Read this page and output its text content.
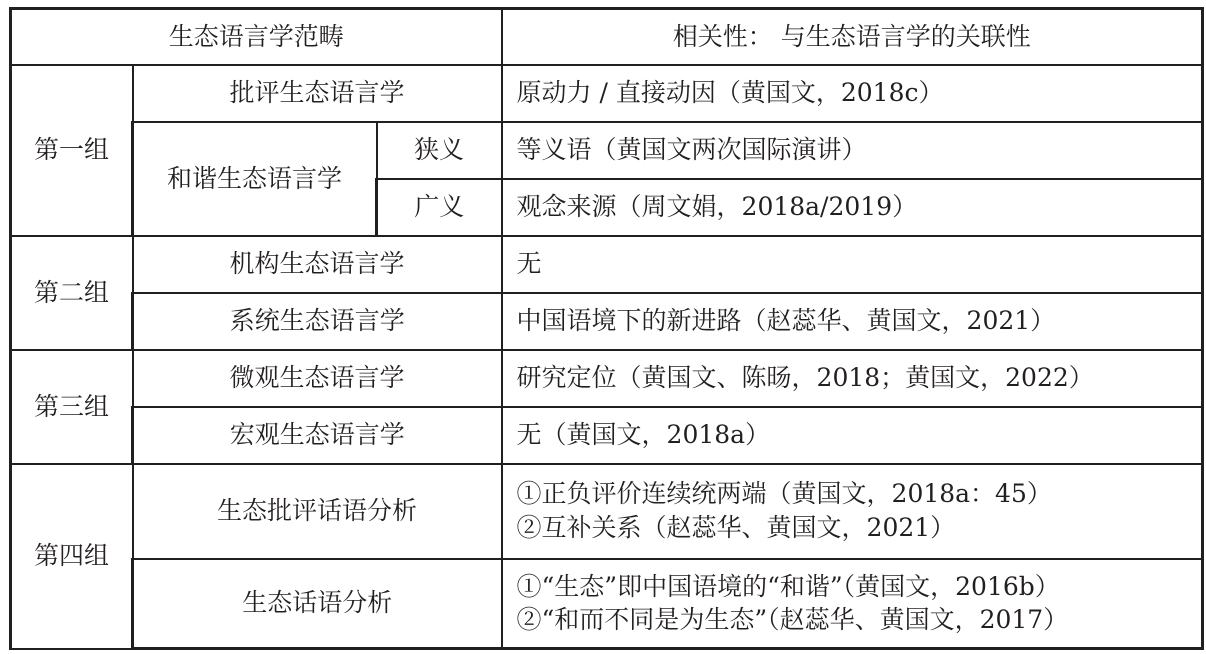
生态语言学范畴			相关性： 与生态语言学的关联性
第一组	批评生态语言学		原动力 / 直接动因（黄国文，2018c）
	和谐生态语言学	狭义	等义语（黄国文两次国际演讲）
		广义	观念来源（周文娟，2018a/2019）
第二组	机构生态语言学		无
	系统生态语言学		中国语境下的新进路（赵蕊华、黄国文，2021）
第三组	微观生态语言学		研究定位（黄国文、陈旸，2018；黄国文，2022）
	宏观生态语言学		无（黄国文，2018a）
第四组	生态批评话语分析		①正负评价连续统两端（黄国文，2018a：45）
②互补关系（赵蕊华、黄国文，2021）

	生态话语分析		①“生态”即中国语境的“和谐”（黄国文，2016b）
②“和而不同是为生态”（赵蕊华、黄国文，2017）
